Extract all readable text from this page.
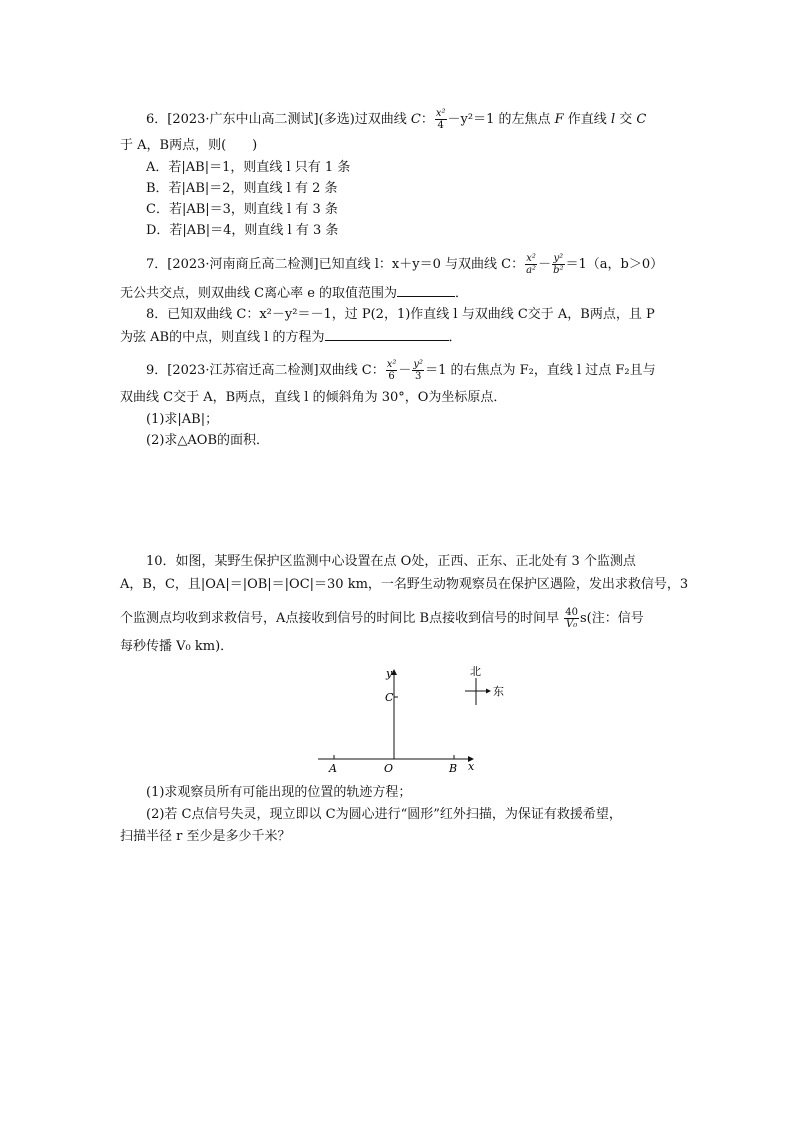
6．[2023·广东中山高二测试](多选)过双曲线 C： $\frac{\text{x²}}{4} -y^2=1$ 的左焦点 F 作直线 l 交 C
于 A，B两点，则(　　)
A．若|AB|＝1，则直线 l 只有 1 条
B．若|AB|＝2，则直线 l 有 2 条
C．若|AB|＝3，则直线 l 有 3 条
D．若|AB|＝4，则直线 l 有 3 条
7．[2023·河南商丘高二检测]已知直线 l：x＋y＝0 与双曲线 C： $\frac{\text{x²}}{\text{a²}} - \frac{\text{y²}}{\text{b²}} =1(a$，b＞0）
无公共交点，则双曲线 C离心率 e 的取值范围为	．
8．已知双曲线 C：x²－y²＝－1，过 P(2，1)作直线 l 与双曲线 C交于 A，B两点，且 P
为弦 AB的中点，则直线 l 的方程为	．
9．[2023·江苏宿迁高二检测]双曲线 C： $\frac{\text{x²}}{6} - \frac{\text{y²}}{3} =1$ 的右焦点为 F₂，直线 l 过点 F₂且与
双曲线 C交于 A，B两点，直线 l 的倾斜角为 30°，O为坐标原点．
(1)求|AB|；
(2)求△AOB的面积．
10．如图，某野生保护区监测中心设置在点 O处，正西、正东、正北处有 3 个监测点
A，B，C，且|OA|＝|OB|＝|OC|＝30 km，一名野生动物观察员在保护区遇险，发出求救信号，3
个监测点均收到求救信号，A点接收到信号的时间比 B点接收到信号的时间早 $\frac{40}{\text{V₀}} s$(注：信号
每秒传播 V₀ km)．
y
x
C
A	O	B
北
东
(1)求观察员所有可能出现的位置的轨迹方程；
(2)若 C点信号失灵，现立即以 C为圆心进行“圆形”红外扫描，为保证有救援希望，
扫描半径 r 至少是多少千米？
